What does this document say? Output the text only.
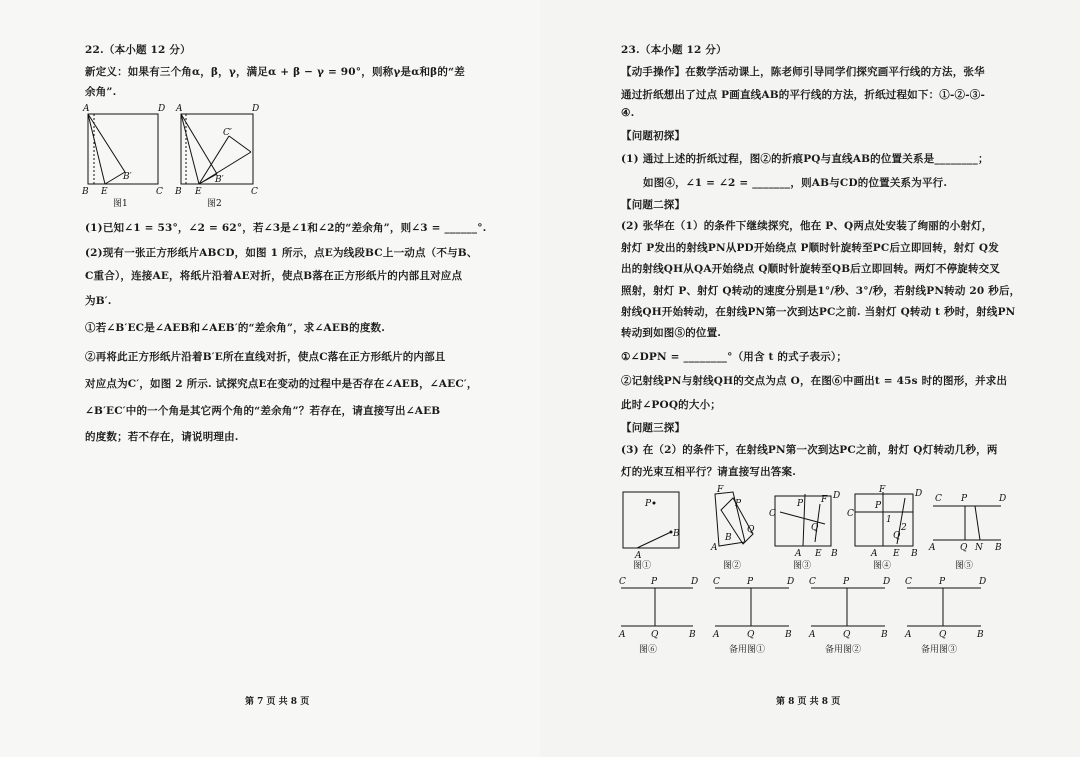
22.（本小题 12 分）
新定义：如果有三个角α，β，γ，满足α + β − γ = 90°，则称γ是α和β的“差
余角”.
A	D
B E	C
B′
图1
A	D
B E	C
B′
C′
图2
(1)已知∠1 = 53°，∠2 = 62°，若∠3是∠1和∠2的“差余角”，则∠3 = ______°.
(2)现有一张正方形纸片ABCD，如图 1 所示，点E为线段BC上一动点（不与B、
C重合），连接AE，将纸片沿着AE对折，使点B落在正方形纸片的内部且对应点
为B′.
①若∠B′EC是∠AEB和∠AEB′的“差余角”，求∠AEB的度数.
②再将此正方形纸片沿着B′E所在直线对折，使点C落在正方形纸片的内部且
对应点为C′，如图 2 所示. 试探究点E在变动的过程中是否存在∠AEB，∠AEC′，
∠B′EC′中的一个角是其它两个角的“差余角”？若存在，请直接写出∠AEB
的度数；若不存在，请说明理由.
第 7 页 共 8 页
23.（本小题 12 分）
【动手操作】在数学活动课上，陈老师引导同学们探究画平行线的方法，张华
通过折纸想出了过点 P画直线AB的平行线的方法，折纸过程如下：①-②-③-
④.
【问题初探】
(1) 通过上述的折纸过程，图②的折痕PQ与直线AB的位置关系是________；
如图④，∠1 = ∠2 = _______，则AB与CD的位置关系为平行.
【问题二探】
(2) 张华在（1）的条件下继续探究，他在 P、Q两点处安装了绚丽的小射灯，
射灯 P发出的射线PN从PD开始绕点 P顺时针旋转至PC后立即回转，射灯 Q发
出的射线QH从QA开始绕点 Q顺时针旋转至QB后立即回转。两灯不停旋转交叉
照射，射灯 P、射灯 Q转动的速度分别是1°/秒、3°/秒，若射线PN转动 20 秒后，
射线QH开始转动，在射线PN第一次到达PC之前. 当射灯 Q转动 t 秒时，射线PN
转动到如图⑤的位置.
①∠DPN = ________°（用含 t 的式子表示）；
②记射线PN与射线QH的交点为点 O，在图⑥中画出t = 45s 时的图形，并求出
此时∠POQ的大小；
【问题三探】
(3) 在（2）的条件下，在射线PN第一次到达PC之前，射灯 Q灯转动几秒，两
灯的光束互相平行？请直接写出答案.
P
B
A
图①
F
P
Q
B
A
图②
C
D
P F
Q
A E B
图③
F	D
C
P
1
2
Q
A E B
图④
C P	D
A	Q N B
图⑤
C	P	D
A	Q	B
图⑥
C	P	D
A	Q	B
备用图①
C	P	D
A	Q	B
备用图②
C	P	D
A	Q	B
备用图③
第 8 页 共 8 页
